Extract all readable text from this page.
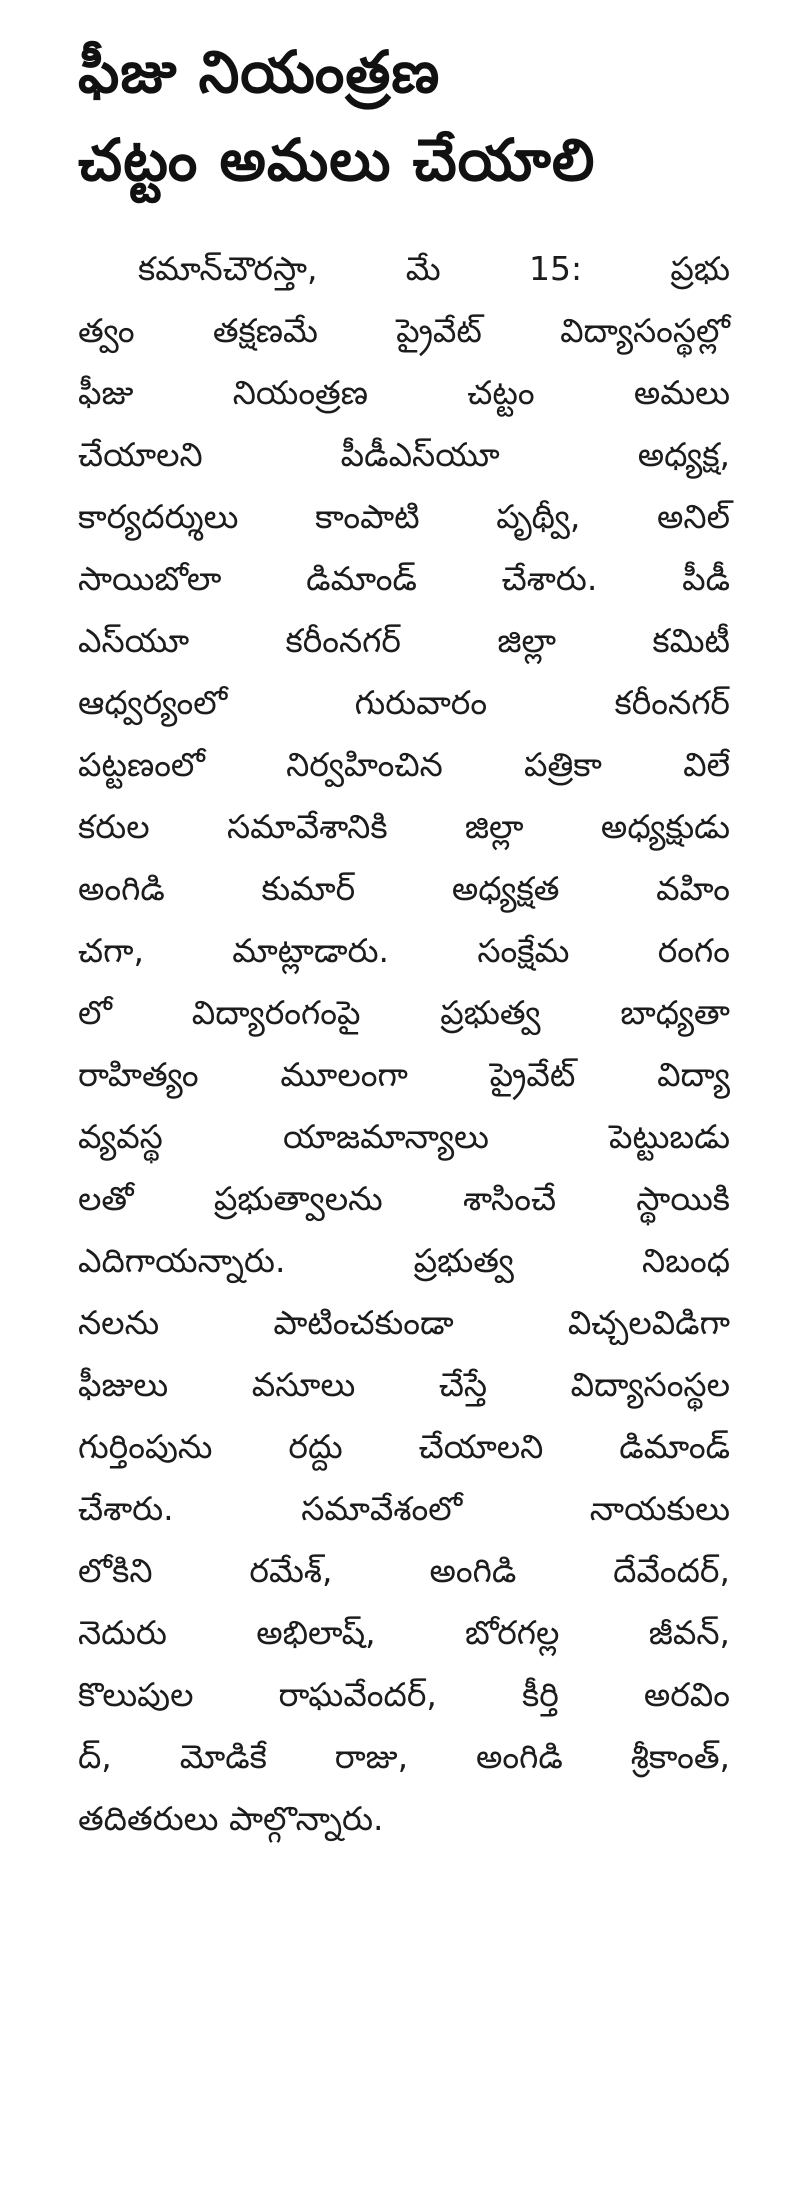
ఫీజు నియంత్రణ
చట్టం అమలు చేయాలి
కమాన్‌చౌరస్తా, మే 15: ప్రభు
త్వం తక్షణమే ప్రైవేట్ విద్యాసంస్థల్లో
ఫీజు నియంత్రణ చట్టం అమలు
చేయాలని పీడీఎస్‌యూ అధ్యక్ష,
కార్యదర్శులు కాంపాటి పృథ్వీ, అనిల్
సాయిబోలా డిమాండ్ చేశారు. పీడీ
ఎస్‌యూ కరీంనగర్ జిల్లా కమిటీ
ఆధ్వర్యంలో గురువారం కరీంనగర్
పట్టణంలో నిర్వహించిన పత్రికా విలే
కరుల సమావేశానికి జిల్లా అధ్యక్షుడు
అంగిడి కుమార్ అధ్యక్షత వహిం
చగా, మాట్లాడారు. సంక్షేమ రంగం
లో విద్యారంగంపై ప్రభుత్వ బాధ్యతా
రాహిత్యం మూలంగా ప్రైవేట్ విద్యా
వ్యవస్థ యాజమాన్యాలు పెట్టుబడు
లతో ప్రభుత్వాలను శాసించే స్థాయికి
ఎదిగాయన్నారు. ప్రభుత్వ నిబంధ
నలను పాటించకుండా విచ్చలవిడిగా
ఫీజులు వసూలు చేస్తే విద్యాసంస్థల
గుర్తింపును రద్దు చేయాలని డిమాండ్
చేశారు. సమావేశంలో నాయకులు
లోకిని రమేశ్, అంగిడి దేవేందర్,
నెదురు అభిలాష్, బోరగల్ల జీవన్,
కొలుపుల రాఘవేందర్, కీర్తి అరవిం
ద్, మోడికే రాజు, అంగిడి శ్రీకాంత్,
తదితరులు పాల్గొన్నారు.
